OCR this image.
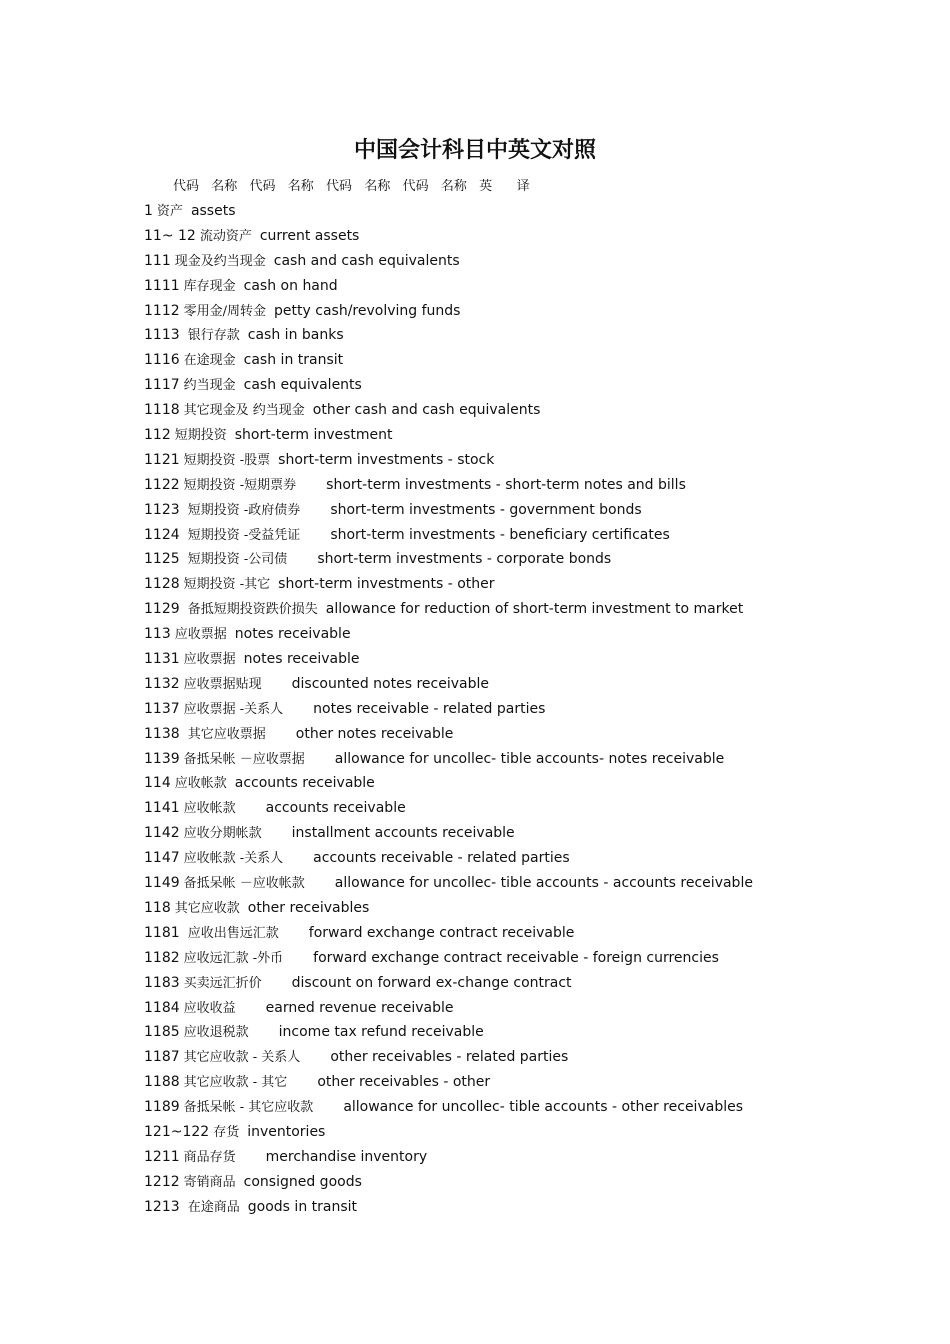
中国会计科目中英文对照
代码  名称  代码  名称  代码  名称  代码  名称  英    译
1 资产 assets
11~ 12 流动资产 current assets
111 现金及约当现金 cash and cash equivalents
1111 库存现金 cash on hand
1112 零用金/周转金 petty cash/revolving funds
1113 银行存款 cash in banks
1116 在途现金 cash in transit
1117 约当现金 cash equivalents
1118 其它现金及 约当现金 other cash and cash equivalents
112 短期投资 short-term investment
1121 短期投资 -股票 short-term investments - stock
1122 短期投资 -短期票券 short-term investments - short-term notes and bills
1123 短期投资 -政府债券 short-term investments - government bonds
1124 短期投资 -受益凭证 short-term investments - beneficiary certificates
1125 短期投资 -公司债 short-term investments - corporate bonds
1128 短期投资 -其它 short-term investments - other
1129 备抵短期投资跌价损失 allowance for reduction of short-term investment to market
113 应收票据 notes receivable
1131 应收票据 notes receivable
1132 应收票据贴现 discounted notes receivable
1137 应收票据 -关系人 notes receivable - related parties
1138 其它应收票据 other notes receivable
1139 备抵呆帐 －应收票据 allowance for uncollec- tible accounts- notes receivable
114 应收帐款 accounts receivable
1141 应收帐款 accounts receivable
1142 应收分期帐款 installment accounts receivable
1147 应收帐款 -关系人 accounts receivable - related parties
1149 备抵呆帐 －应收帐款 allowance for uncollec- tible accounts - accounts receivable
118 其它应收款 other receivables
1181 应收出售远汇款 forward exchange contract receivable
1182 应收远汇款 -外币 forward exchange contract receivable - foreign currencies
1183 买卖远汇折价 discount on forward ex-change contract
1184 应收收益 earned revenue receivable
1185 应收退税款 income tax refund receivable
1187 其它应收款 - 关系人 other receivables - related parties
1188 其它应收款 - 其它 other receivables - other
1189 备抵呆帐 - 其它应收款 allowance for uncollec- tible accounts - other receivables
121~122 存货 inventories
1211 商品存货 merchandise inventory
1212 寄销商品 consigned goods
1213 在途商品 goods in transit
